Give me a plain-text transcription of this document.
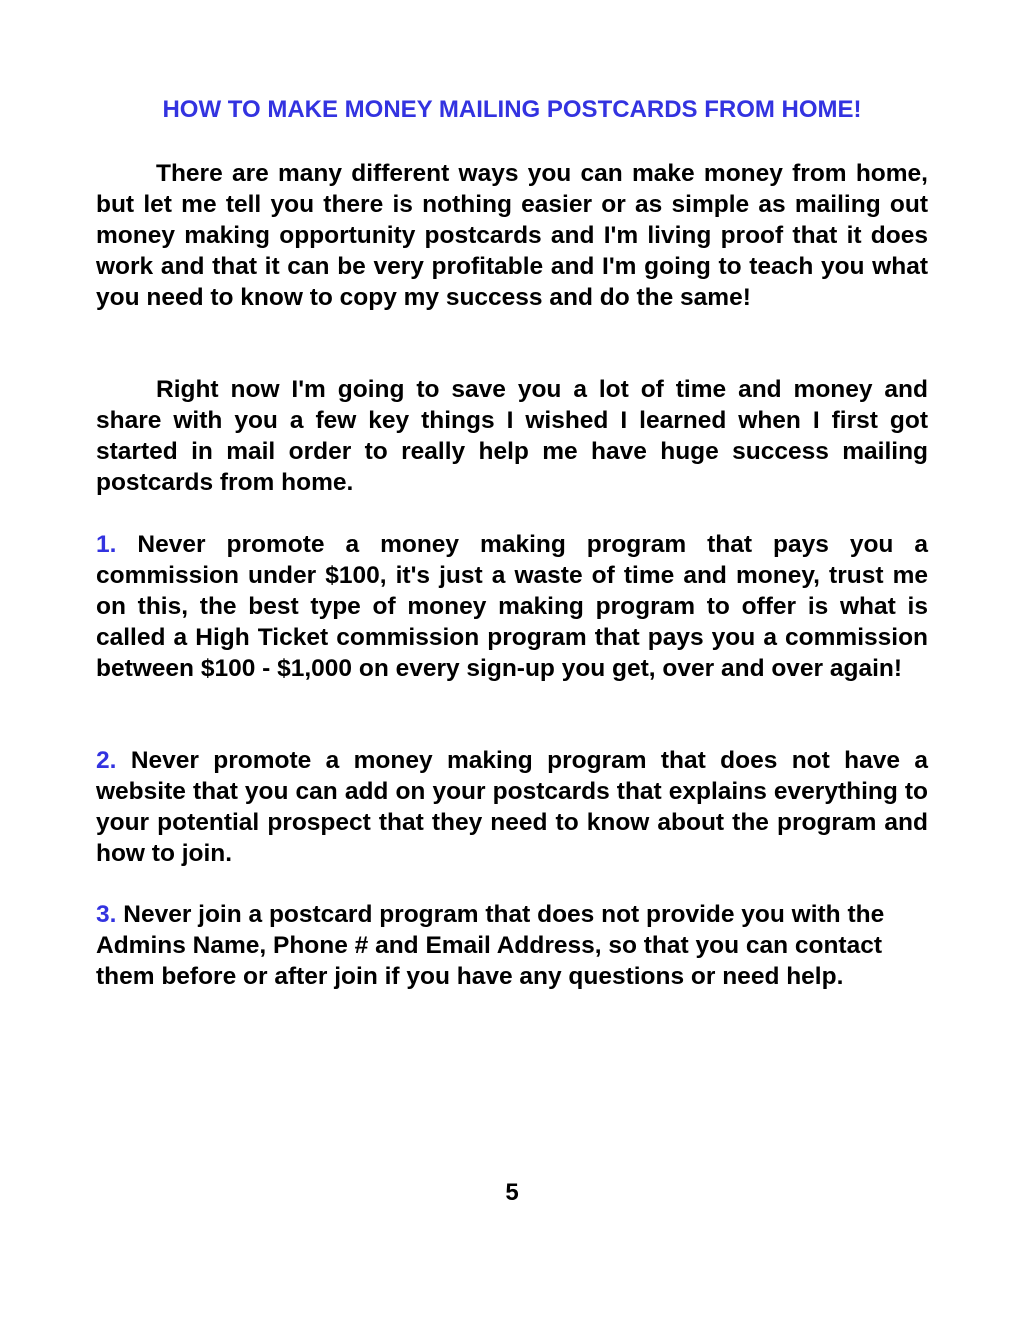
HOW TO MAKE MONEY MAILING POSTCARDS FROM HOME!

There are many different ways you can make money from home, but let me tell you there is nothing easier or as simple as mailing out money making opportunity postcards and I'm living proof that it does work and that it can be very profitable and I'm going to teach you what you need to know to copy my success and do the same!

Right now I'm going to save you a lot of time and money and share with you a few key things I wished I learned when I first got started in mail order to really help me have huge success mailing postcards from home.

1. Never promote a money making program that pays you a commission under $100, it's just a waste of time and money, trust me on this, the best type of money making program to offer is what is called a High Ticket commission program that pays you a commission between $100 - $1,000 on every sign-up you get, over and over again!

2. Never promote a money making program that does not have a website that you can add on your postcards that explains everything to your potential prospect that they need to know about the program and how to join.

3. Never join a postcard program that does not provide you with the Admins Name, Phone # and Email Address, so that you can contact them before or after join if you have any questions or need help.

5
